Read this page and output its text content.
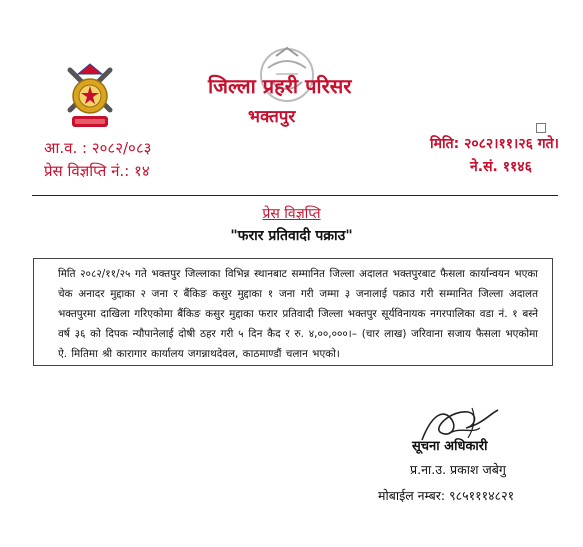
जिल्ला प्रहरी परिसर
भक्तपुर
आ.व. : २०८२/०८३
प्रेस विज्ञप्ति नं.: १४
मिति: २०८२।११।२६ गते।
ने.सं. ११४६
प्रेस विज्ञप्ति
"फरार प्रतिवादी पक्राउ"
मिति २०८२/११/२५ गते भक्तपुर जिल्लाका विभिन्न स्थानबाट सम्मानित जिल्ला अदालत भक्तपुरबाट फैसला कार्यान्वयन भएका चेक अनादर मुद्दाका २ जना र बैंकिङ कसुर मुद्दाका १ जना गरी जम्मा ३ जनालाई पक्राउ गरी सम्मानित जिल्ला अदालत भक्तपुरमा दाखिला गरिएकोमा बैंकिङ कसुर मुद्दाका फरार प्रतिवादी जिल्ला भक्तपुर सूर्यविनायक नगरपालिका वडा नं. १ बस्ने वर्ष ३६ को दिपक न्यौपानेलाई दोषी ठहर गरी ५ दिन कैद र रु. ४,००,०००।– (चार लाख) जरिवाना सजाय फैसला भएकोमा ऐ. मितिमा श्री कारागार कार्यालय जगन्नाथदेवल, काठमाण्डौं चलान भएको।
सूचना अधिकारी
प्र.ना.उ. प्रकाश जबेगु
मोबाईल नम्बर: ९८५१११४८२१
